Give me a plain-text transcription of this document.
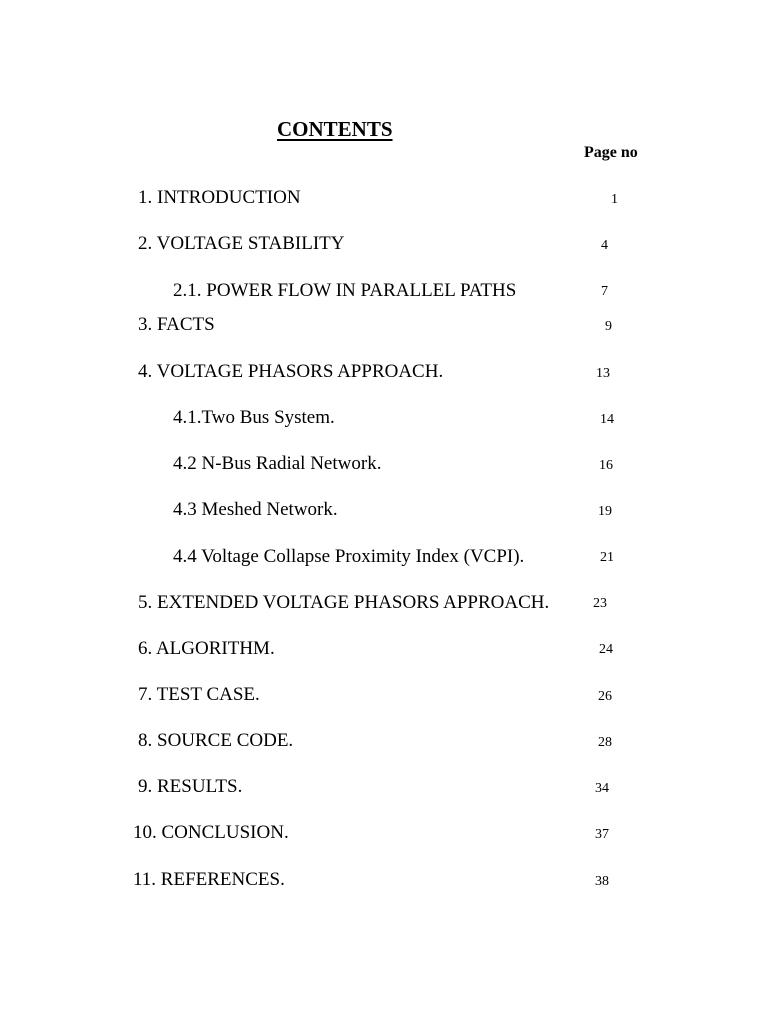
CONTENTS
Page no
1. INTRODUCTION	1
2. VOLTAGE STABILITY	4
2.1. POWER FLOW IN PARALLEL PATHS	7
3. FACTS	9
4. VOLTAGE PHASORS APPROACH.	13
4.1.Two Bus System.	14
4.2 N-Bus Radial Network.	16
4.3 Meshed Network.	19
4.4 Voltage Collapse Proximity Index (VCPI).	21
5. EXTENDED VOLTAGE PHASORS APPROACH.	23
6. ALGORITHM.	24
7. TEST CASE.	26
8. SOURCE CODE.	28
9. RESULTS.	34
10. CONCLUSION.	37
11. REFERENCES.	38
